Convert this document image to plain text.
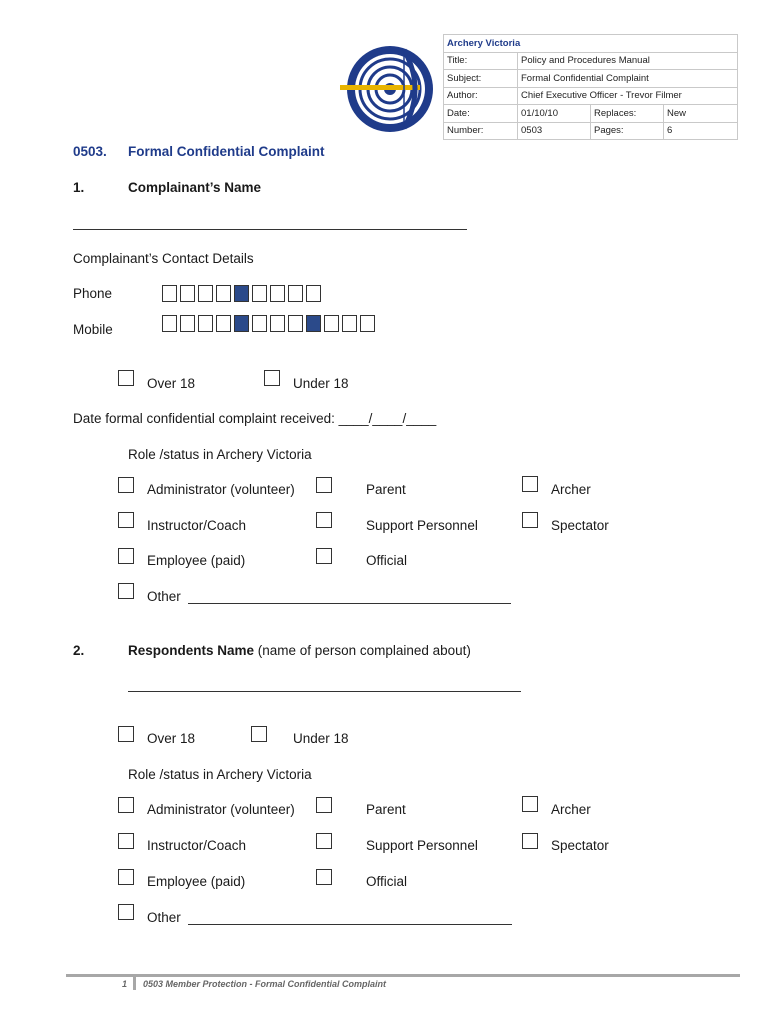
Archery Victoria			
Title:	Policy and Procedures Manual		
Subject:	Formal Confidential Complaint		
Author:	Chief Executive Officer - Trevor Filmer		
Date:	01/10/10	Replaces:	New
Number:	0503	Pages:	6
0503. Formal Confidential Complaint
1.	Complainant’s Name
Complainant’s Contact Details
Phone
Mobile
Over 18	Under 18
Date formal confidential complaint received: ____/____/____
Role /status in Archery Victoria
Administrator (volunteer)	Parent	Archer
Instructor/Coach	Support Personnel	Spectator
Employee (paid)	Official
Other
2.	Respondents Name (name of person complained about)
Over 18	Under 18
Role /status in Archery Victoria
Administrator (volunteer)	Parent	Archer
Instructor/Coach	Support Personnel	Spectator
Employee (paid)	Official
Other
1 0503 Member Protection - Formal Confidential Complaint
